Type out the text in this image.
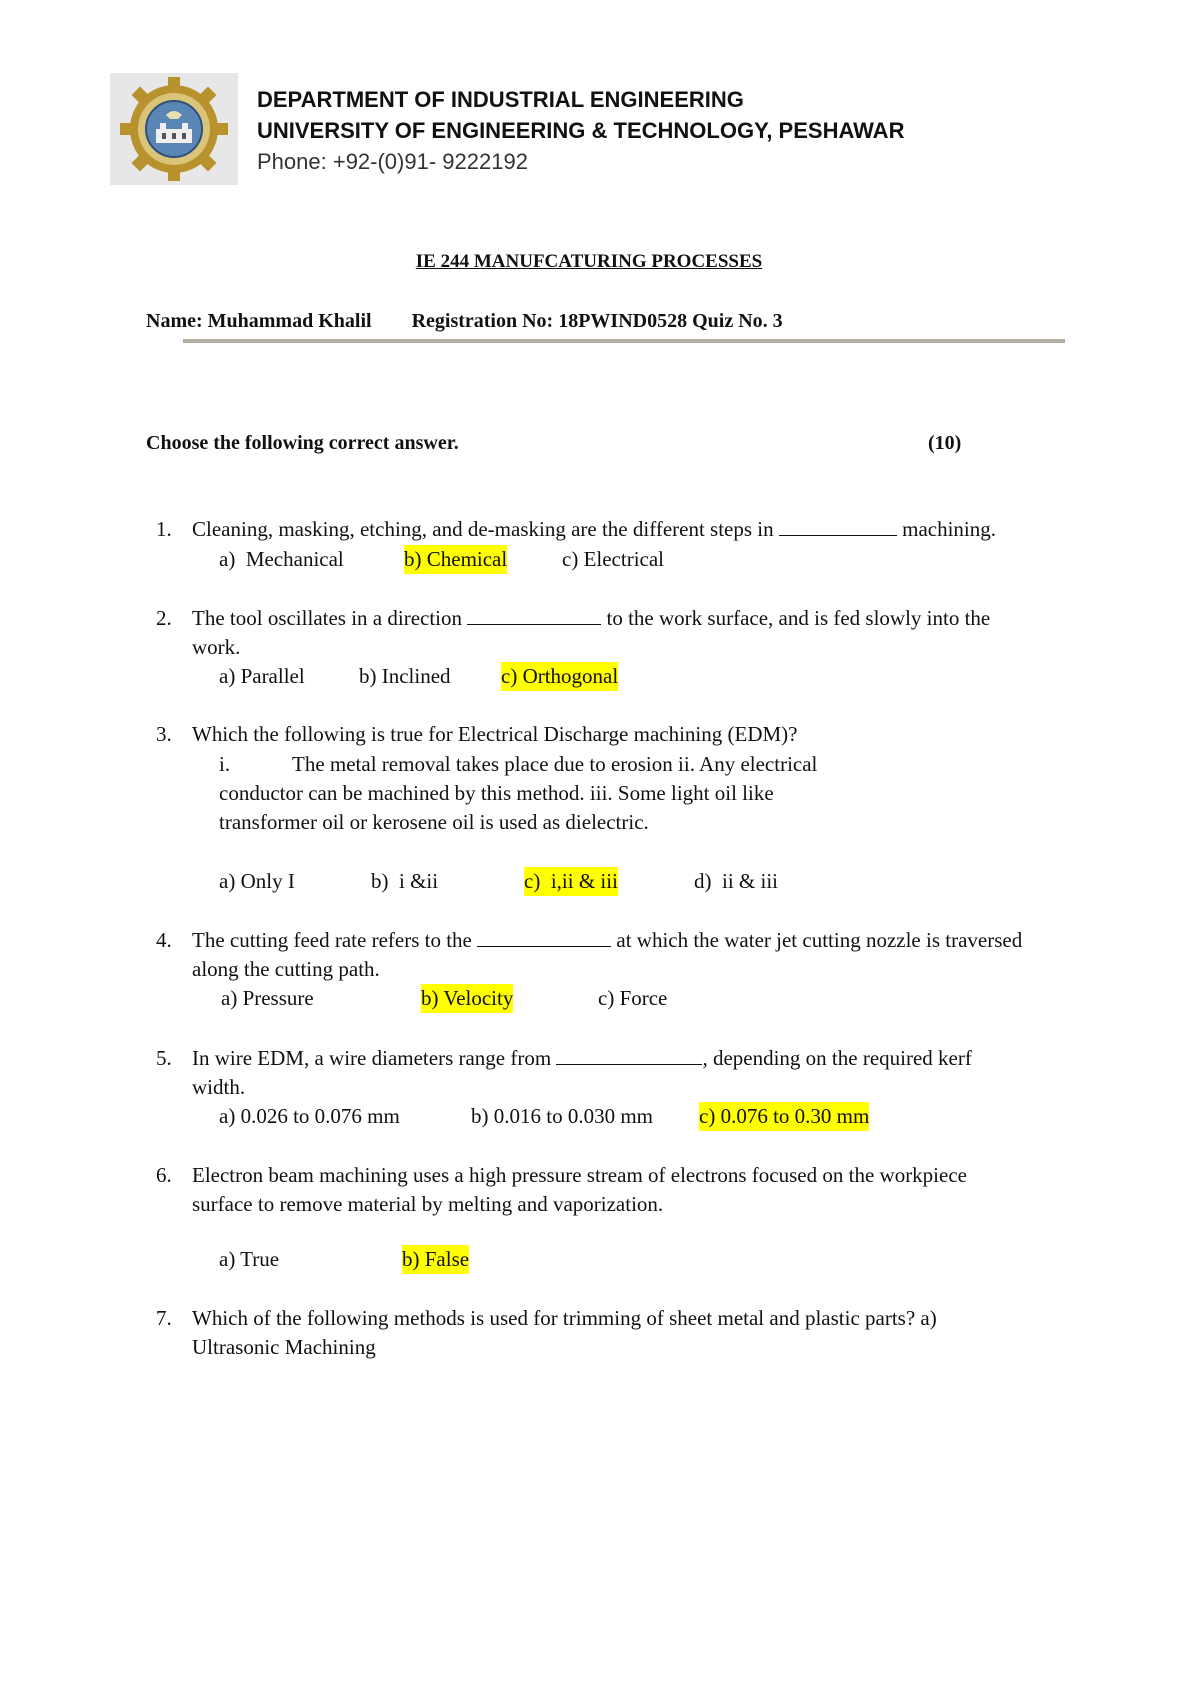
DEPARTMENT OF INDUSTRIAL ENGINEERING
UNIVERSITY OF ENGINEERING & TECHNOLOGY, PESHAWAR
Phone: +92-(0)91- 9222192
IE 244 MANUFCATURING PROCESSES
Name: Muhammad Khalil Registration No: 18PWIND0528 Quiz No. 3
Choose the following correct answer.	(10)
1. Cleaning, masking, etching, and de-masking are the different steps in	machining.
a)  Mechanical	b) Chemical	c) Electrical
2. The tool oscillates in a direction	to the work surface, and is fed slowly into the
work.
a) Parallel	b) Inclined c) Orthogonal
3. Which the following is true for Electrical Discharge machining (EDM)?
i.	The metal removal takes place due to erosion ii. Any electrical
conductor can be machined by this method. iii. Some light oil like
transformer oil or kerosene oil is used as dielectric.
a) Only I	b)  i &ii	c)  i,ii & iii	d)  ii & iii
4. The cutting feed rate refers to the	at which the water jet cutting nozzle is traversed
along the cutting path.
a) Pressure	b) Velocity	c) Force
5. In wire EDM, a wire diameters range from	, depending on the required kerf
width.
a) 0.026 to 0.076 mm	b) 0.016 to 0.030 mm c) 0.076 to 0.30 mm
6. Electron beam machining uses a high pressure stream of electrons focused on the workpiece
surface to remove material by melting and vaporization.
a) True	b) False
7. Which of the following methods is used for trimming of sheet metal and plastic parts? a)
Ultrasonic Machining
